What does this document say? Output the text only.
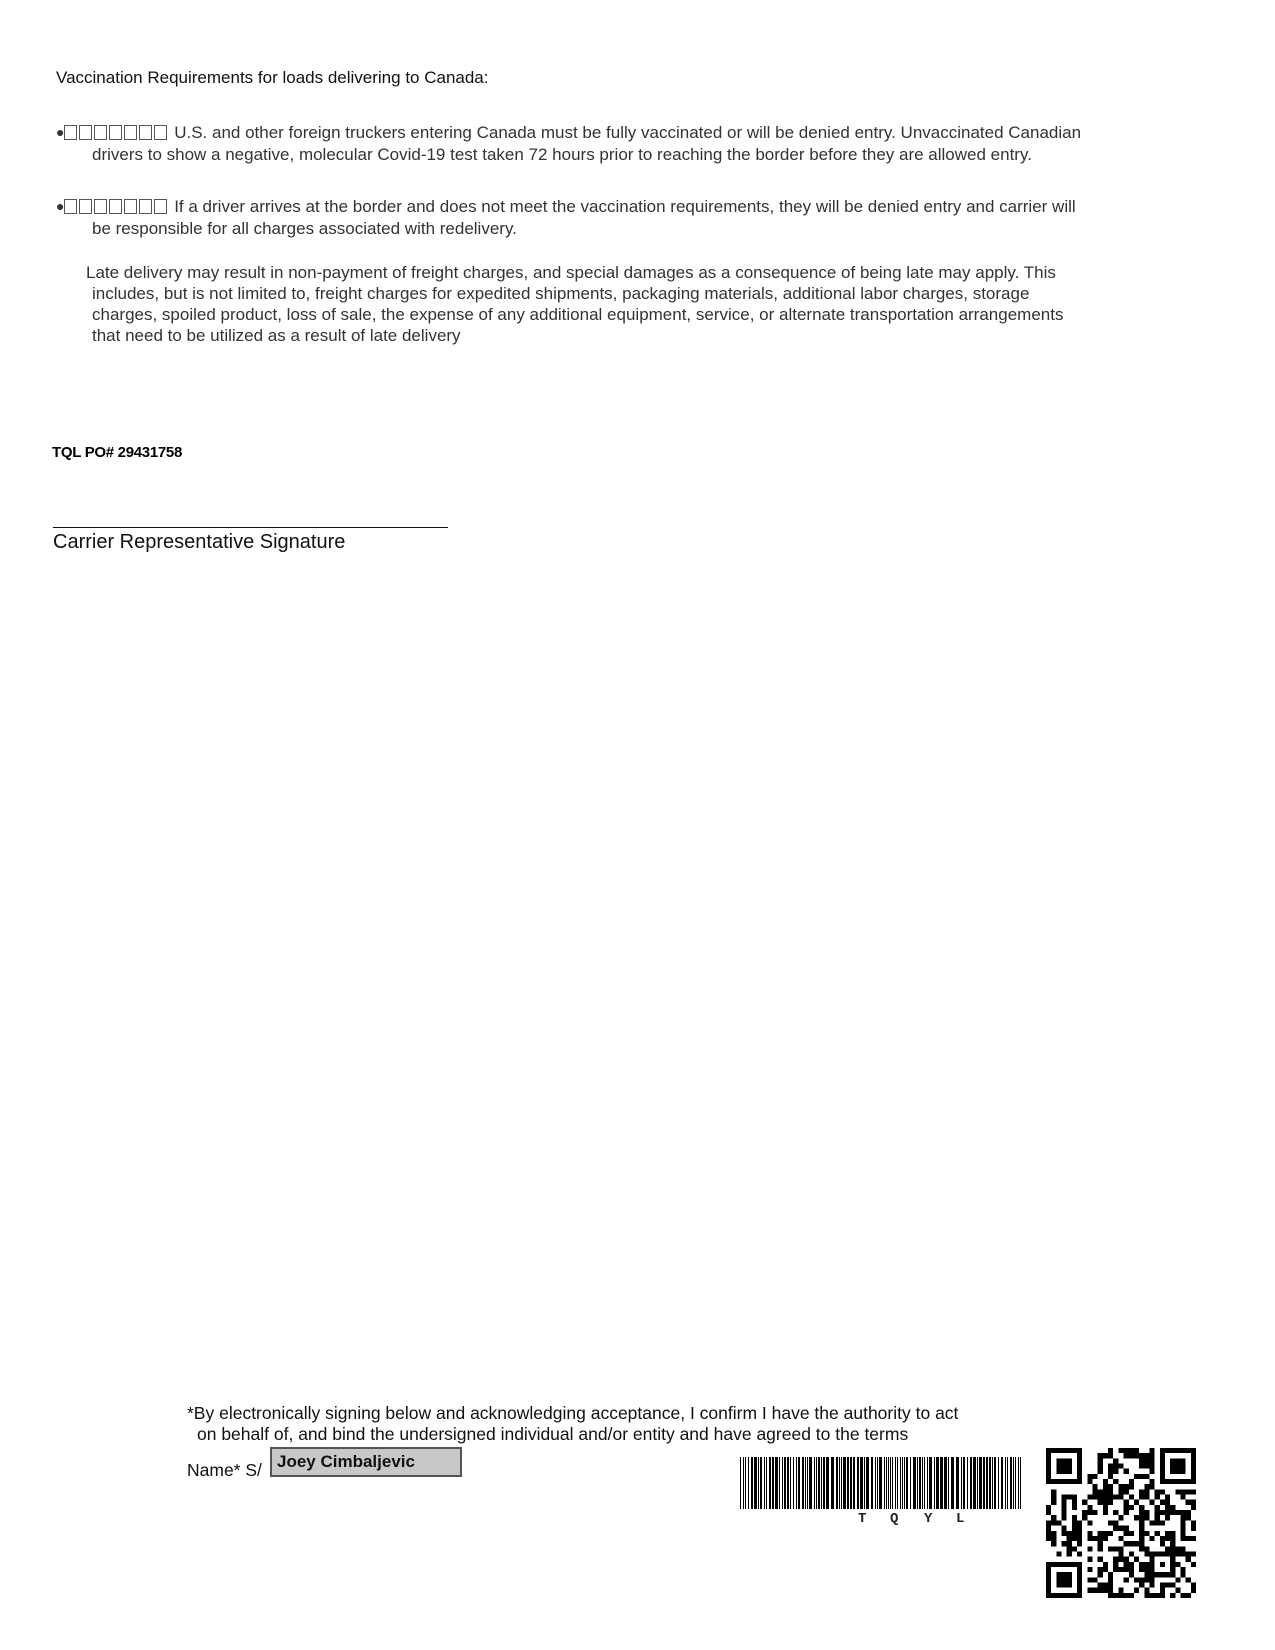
Vaccination Requirements for loads delivering to Canada:
●	U.S. and other foreign truckers entering Canada must be fully vaccinated or will be denied entry. Unvaccinated Canadian
drivers to show a negative, molecular Covid-19 test taken 72 hours prior to reaching the border before they are allowed entry.
●	If a driver arrives at the border and does not meet the vaccination requirements, they will be denied entry and carrier will
be responsible for all charges associated with redelivery.
Late delivery may result in non-payment of freight charges, and special damages as a consequence of being late may apply. This
includes, but is not limited to, freight charges for expedited shipments, packaging materials, additional labor charges, storage
charges, spoiled product, loss of sale, the expense of any additional equipment, service, or alternate transportation arrangements
that need to be utilized as a result of late delivery
TQL PO# 29431758
Carrier Representative Signature
*By electronically signing below and acknowledging acceptance, I confirm I have the authority to act
on behalf of, and bind the undersigned individual and/or entity and have agreed to the terms
Name* S/ Joey Cimbaljevic
T Q Y L
